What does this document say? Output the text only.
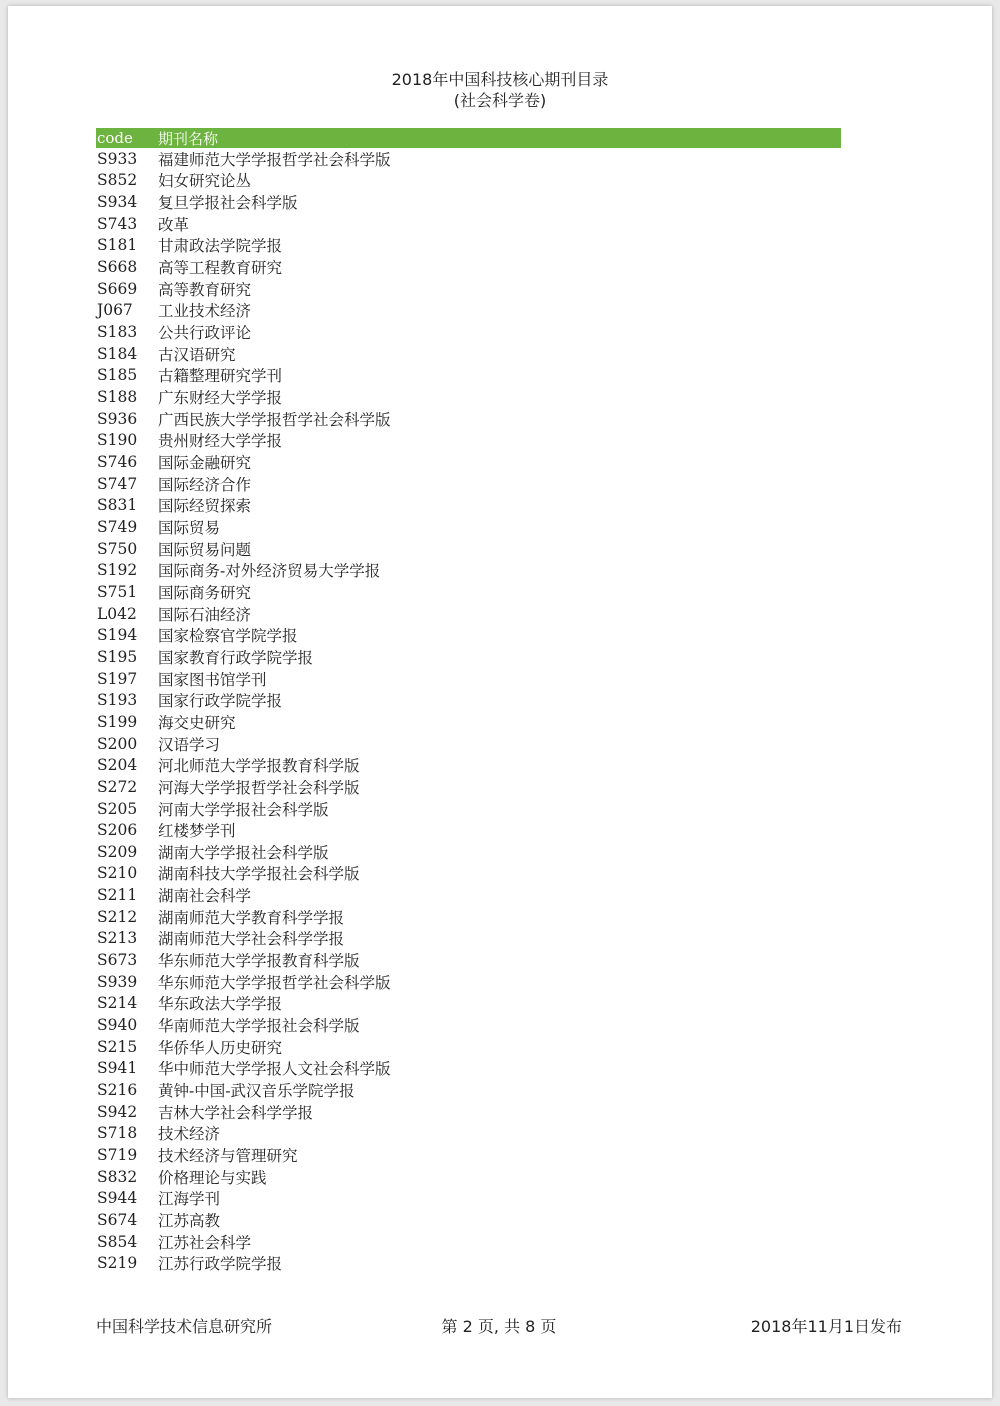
2018年中国科技核心期刊目录
(社会科学卷)
code	期刊名称
S933	福建师范大学学报哲学社会科学版
S852	妇女研究论丛
S934	复旦学报社会科学版
S743	改革
S181	甘肃政法学院学报
S668	高等工程教育研究
S669	高等教育研究
J067	工业技术经济
S183	公共行政评论
S184	古汉语研究
S185	古籍整理研究学刊
S188	广东财经大学学报
S936	广西民族大学学报哲学社会科学版
S190	贵州财经大学学报
S746	国际金融研究
S747	国际经济合作
S831	国际经贸探索
S749	国际贸易
S750	国际贸易问题
S192	国际商务-对外经济贸易大学学报
S751	国际商务研究
L042	国际石油经济
S194	国家检察官学院学报
S195	国家教育行政学院学报
S197	国家图书馆学刊
S193	国家行政学院学报
S199	海交史研究
S200	汉语学习
S204	河北师范大学学报教育科学版
S272	河海大学学报哲学社会科学版
S205	河南大学学报社会科学版
S206	红楼梦学刊
S209	湖南大学学报社会科学版
S210	湖南科技大学学报社会科学版
S211	湖南社会科学
S212	湖南师范大学教育科学学报
S213	湖南师范大学社会科学学报
S673	华东师范大学学报教育科学版
S939	华东师范大学学报哲学社会科学版
S214	华东政法大学学报
S940	华南师范大学学报社会科学版
S215	华侨华人历史研究
S941	华中师范大学学报人文社会科学版
S216	黄钟-中国-武汉音乐学院学报
S942	吉林大学社会科学学报
S718	技术经济
S719	技术经济与管理研究
S832	价格理论与实践
S944	江海学刊
S674	江苏高教
S854	江苏社会科学
S219	江苏行政学院学报
中国科学技术信息研究所	第 2 页, 共 8 页	2018年11月1日发布
